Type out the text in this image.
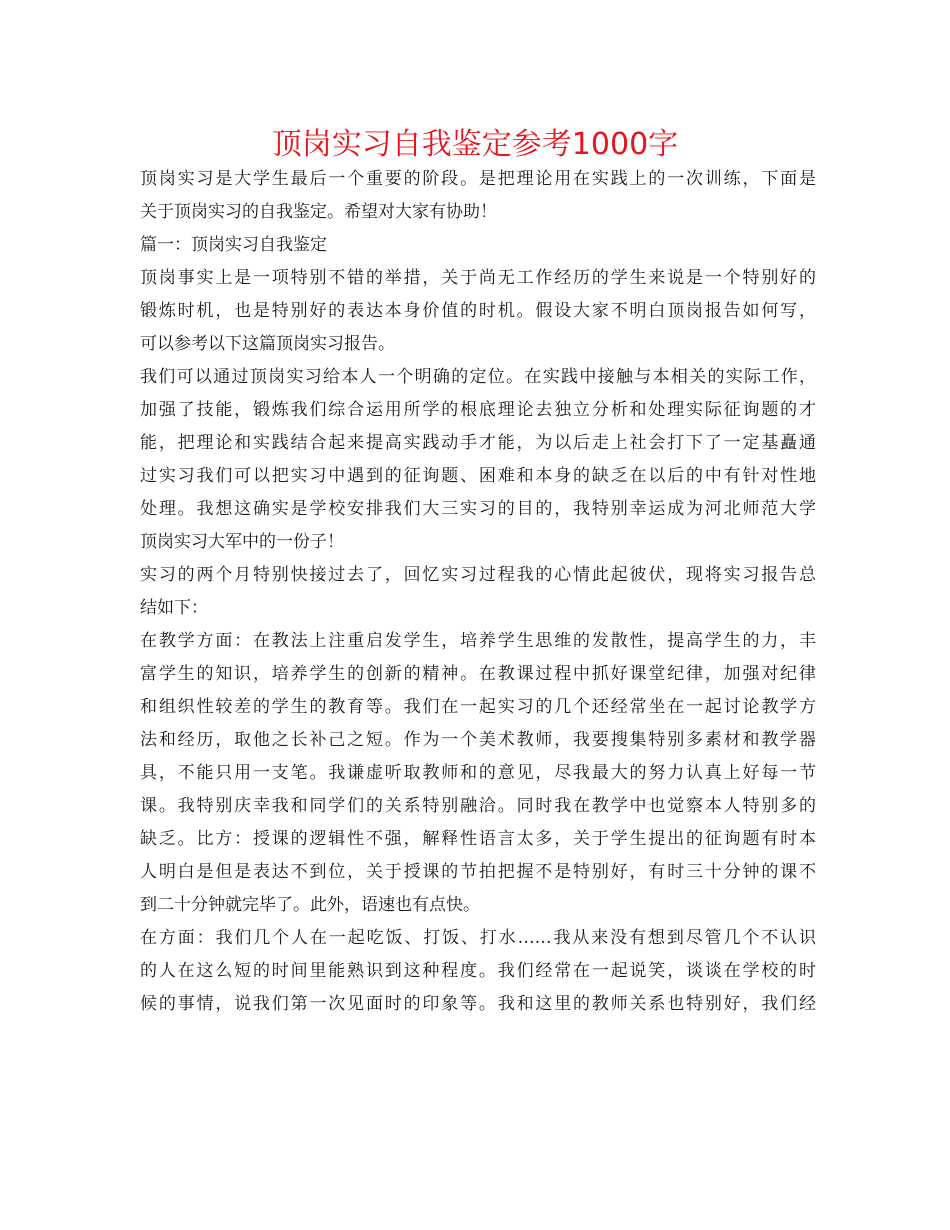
顶岗实习自我鉴定参考1000字
顶岗实习是大学生最后一个重要的阶段。是把理论用在实践上的一次训练，下面是
关于顶岗实习的自我鉴定。希望对大家有协助！
篇一：顶岗实习自我鉴定
顶岗事实上是一项特别不错的举措，关于尚无工作经历的学生来说是一个特别好的
锻炼时机，也是特别好的表达本身价值的时机。假设大家不明白顶岗报告如何写，
可以参考以下这篇顶岗实习报告。
我们可以通过顶岗实习给本人一个明确的定位。在实践中接触与本相关的实际工作，
加强了技能，锻炼我们综合运用所学的根底理论去独立分析和处理实际征询题的才
能，把理论和实践结合起来提高实践动手才能，为以后走上社会打下了一定基矗通
过实习我们可以把实习中遇到的征询题、困难和本身的缺乏在以后的中有针对性地
处理。我想这确实是学校安排我们大三实习的目的，我特别幸运成为河北师范大学
顶岗实习大军中的一份子！
实习的两个月特别快接过去了，回忆实习过程我的心情此起彼伏，现将实习报告总
结如下：
在教学方面：在教法上注重启发学生，培养学生思维的发散性，提高学生的力，丰
富学生的知识，培养学生的创新的精神。在教课过程中抓好课堂纪律，加强对纪律
和组织性较差的学生的教育等。我们在一起实习的几个还经常坐在一起讨论教学方
法和经历，取他之长补己之短。作为一个美术教师，我要搜集特别多素材和教学器
具，不能只用一支笔。我谦虚听取教师和的意见，尽我最大的努力认真上好每一节
课。我特别庆幸我和同学们的关系特别融洽。同时我在教学中也觉察本人特别多的
缺乏。比方：授课的逻辑性不强，解释性语言太多，关于学生提出的征询题有时本
人明白是但是表达不到位，关于授课的节拍把握不是特别好，有时三十分钟的课不
到二十分钟就完毕了。此外，语速也有点快。
在方面：我们几个人在一起吃饭、打饭、打水……我从来没有想到尽管几个不认识
的人在这么短的时间里能熟识到这种程度。我们经常在一起说笑，谈谈在学校的时
候的事情，说我们第一次见面时的印象等。我和这里的教师关系也特别好，我们经
